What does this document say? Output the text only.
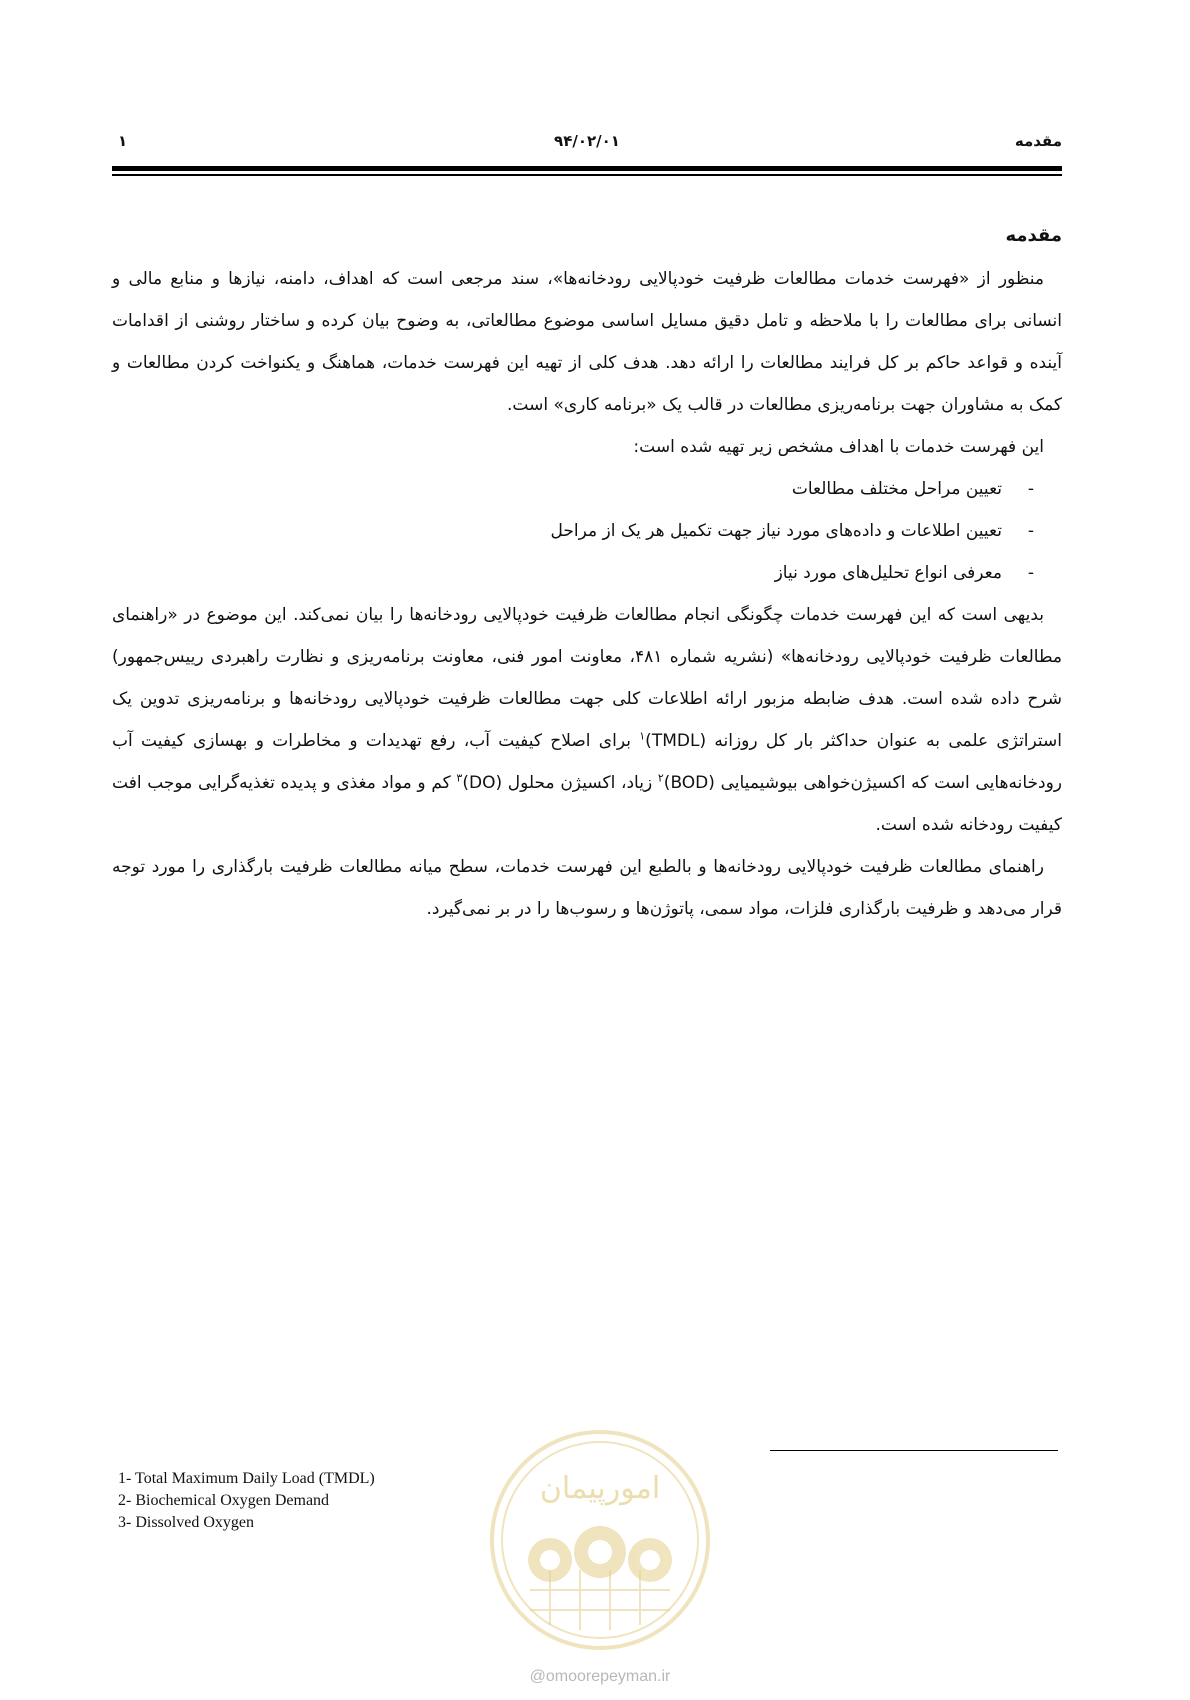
مقدمه
۹۴/۰۲/۰۱
۱
مقدمه

منظور از «فهرست خدمات مطالعات ظرفیت خودپالایی رودخانه‌ها»، سند مرجعی است که اهداف، دامنه، نیازها و منابع مالی و انسانی برای مطالعات را با ملاحظه و تامل دقیق مسایل اساسی موضوع مطالعاتی، به وضوح بیان کرده و ساختار روشنی از اقدامات آینده و قواعد حاکم بر کل فرایند مطالعات را ارائه دهد. هدف کلی از تهیه این فهرست خدمات، هماهنگ و یکنواخت کردن مطالعات و کمک به مشاوران جهت برنامه‌ریزی مطالعات در قالب یک «برنامه کاری» است.

این فهرست خدمات با اهداف مشخص زیر تهیه شده است:

-
تعیین مراحل مختلف مطالعات
-
تعیین اطلاعات و داده‌های مورد نیاز جهت تکمیل هر یک از مراحل
-
معرفی انواع تحلیل‌های مورد نیاز

بدیهی است که این فهرست خدمات چگونگی انجام مطالعات ظرفیت خودپالایی رودخانه‌ها را بیان نمی‌کند. این موضوع در «راهنمای مطالعات ظرفیت خودپالایی رودخانه‌ها» (نشریه شماره ۴۸۱، معاونت امور فنی، معاونت برنامه‌ریزی و نظارت راهبردی رییس‌جمهور) شرح داده شده است. هدف ضابطه مزبور ارائه اطلاعات کلی جهت مطالعات ظرفیت خودپالایی رودخانه‌ها و برنامه‌ریزی تدوین یک استراتژی علمی به عنوان حداکثر بار کل روزانه (TMDL)$^۱$ برای اصلاح کیفیت آب، رفع تهدیدات و مخاطرات و بهسازی کیفیت آب رودخانه‌هایی است که اکسیژن‌خواهی بیوشیمیایی (BOD)$^۲$ زیاد، اکسیژن محلول (DO)$^۳$ کم و مواد مغذی و پدیده تغذیه‌گرایی موجب افت کیفیت رودخانه شده است.

راهنمای مطالعات ظرفیت خودپالایی رودخانه‌ها و بالطبع این فهرست خدمات، سطح میانه مطالعات ظرفیت بارگذاری را مورد توجه قرار می‌دهد و ظرفیت بارگذاری فلزات، مواد سمی، پاتوژن‌ها و رسوب‌ها را در بر نمی‌گیرد.

1- Total Maximum Daily Load (TMDL)
2- Biochemical Oxygen Demand
3- Dissolved Oxygen
امورپیمان
@omoorepeyman.ir
